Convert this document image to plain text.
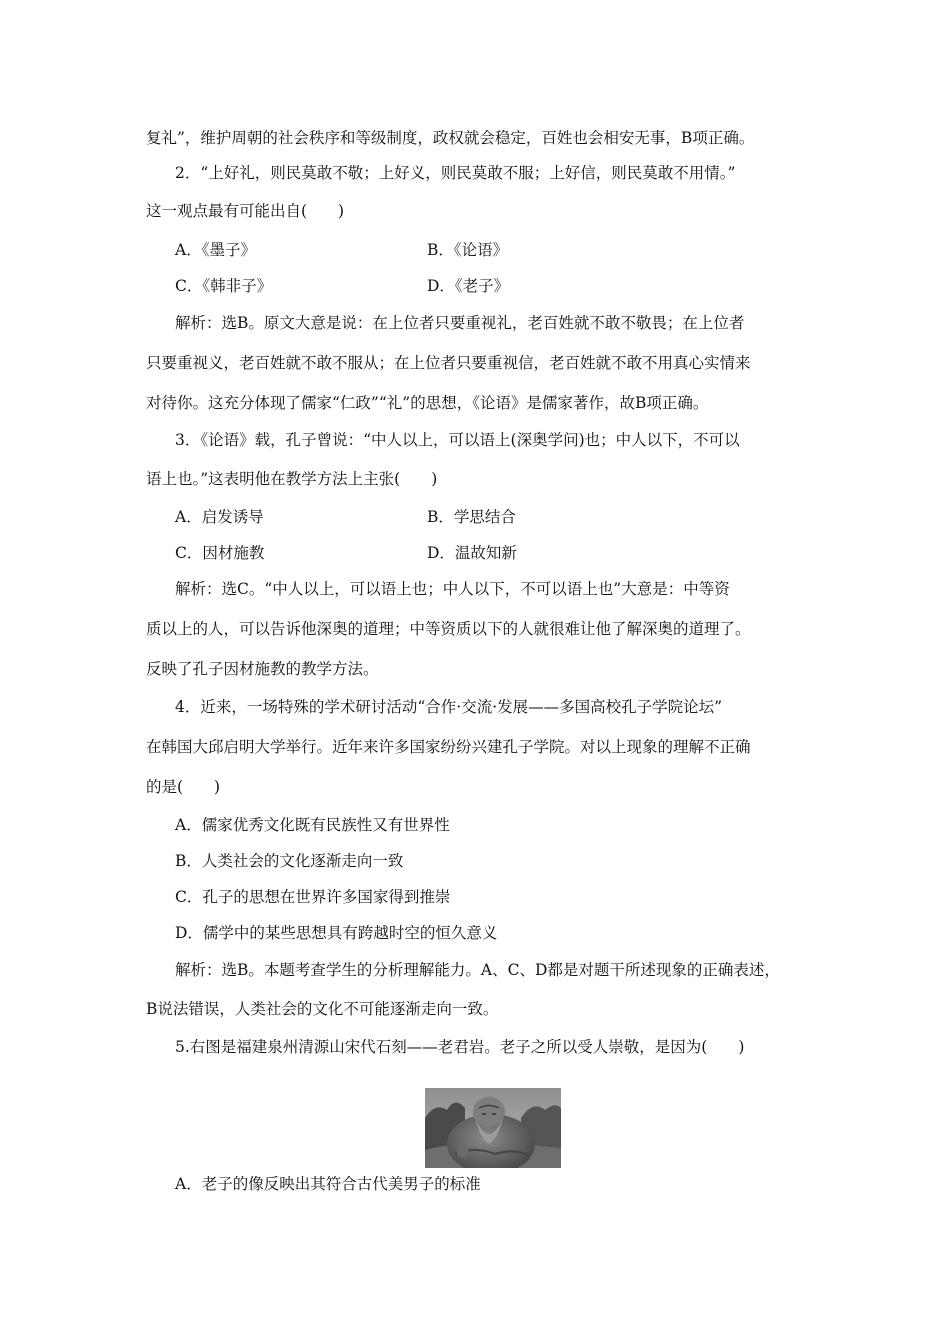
复礼”，维护周朝的社会秩序和等级制度，政权就会稳定，百姓也会相安无事，B项正确。
2．“上好礼，则民莫敢不敬；上好义，则民莫敢不服；上好信，则民莫敢不用情。”
这一观点最有可能出自(　　)
A．《墨子》	B．《论语》
C．《韩非子》	D．《老子》
解析：选B。原文大意是说：在上位者只要重视礼，老百姓就不敢不敬畏；在上位者
只要重视义，老百姓就不敢不服从；在上位者只要重视信，老百姓就不敢不用真心实情来
对待你。这充分体现了儒家“仁政”“礼”的思想，《论语》是儒家著作，故B项正确。
3．《论语》载，孔子曾说：“中人以上，可以语上(深奥学问)也；中人以下，不可以
语上也。”这表明他在教学方法上主张(　　)
A．启发诱导	B．学思结合
C．因材施教	D．温故知新
解析：选C。“中人以上，可以语上也；中人以下，不可以语上也”大意是：中等资
质以上的人，可以告诉他深奥的道理；中等资质以下的人就很难让他了解深奥的道理了。
反映了孔子因材施教的教学方法。
4．近来，一场特殊的学术研讨活动“合作·交流·发展——多国高校孔子学院论坛”
在韩国大邱启明大学举行。近年来许多国家纷纷兴建孔子学院。对以上现象的理解不正确
的是(　　)
A．儒家优秀文化既有民族性又有世界性
B．人类社会的文化逐渐走向一致
C．孔子的思想在世界许多国家得到推崇
D．儒学中的某些思想具有跨越时空的恒久意义
解析：选B。本题考查学生的分析理解能力。A、C、D都是对题干所述现象的正确表述，
B说法错误，人类社会的文化不可能逐渐走向一致。
5.右图是福建泉州清源山宋代石刻——老君岩。老子之所以受人崇敬，是因为(　　)
A．老子的像反映出其符合古代美男子的标准
